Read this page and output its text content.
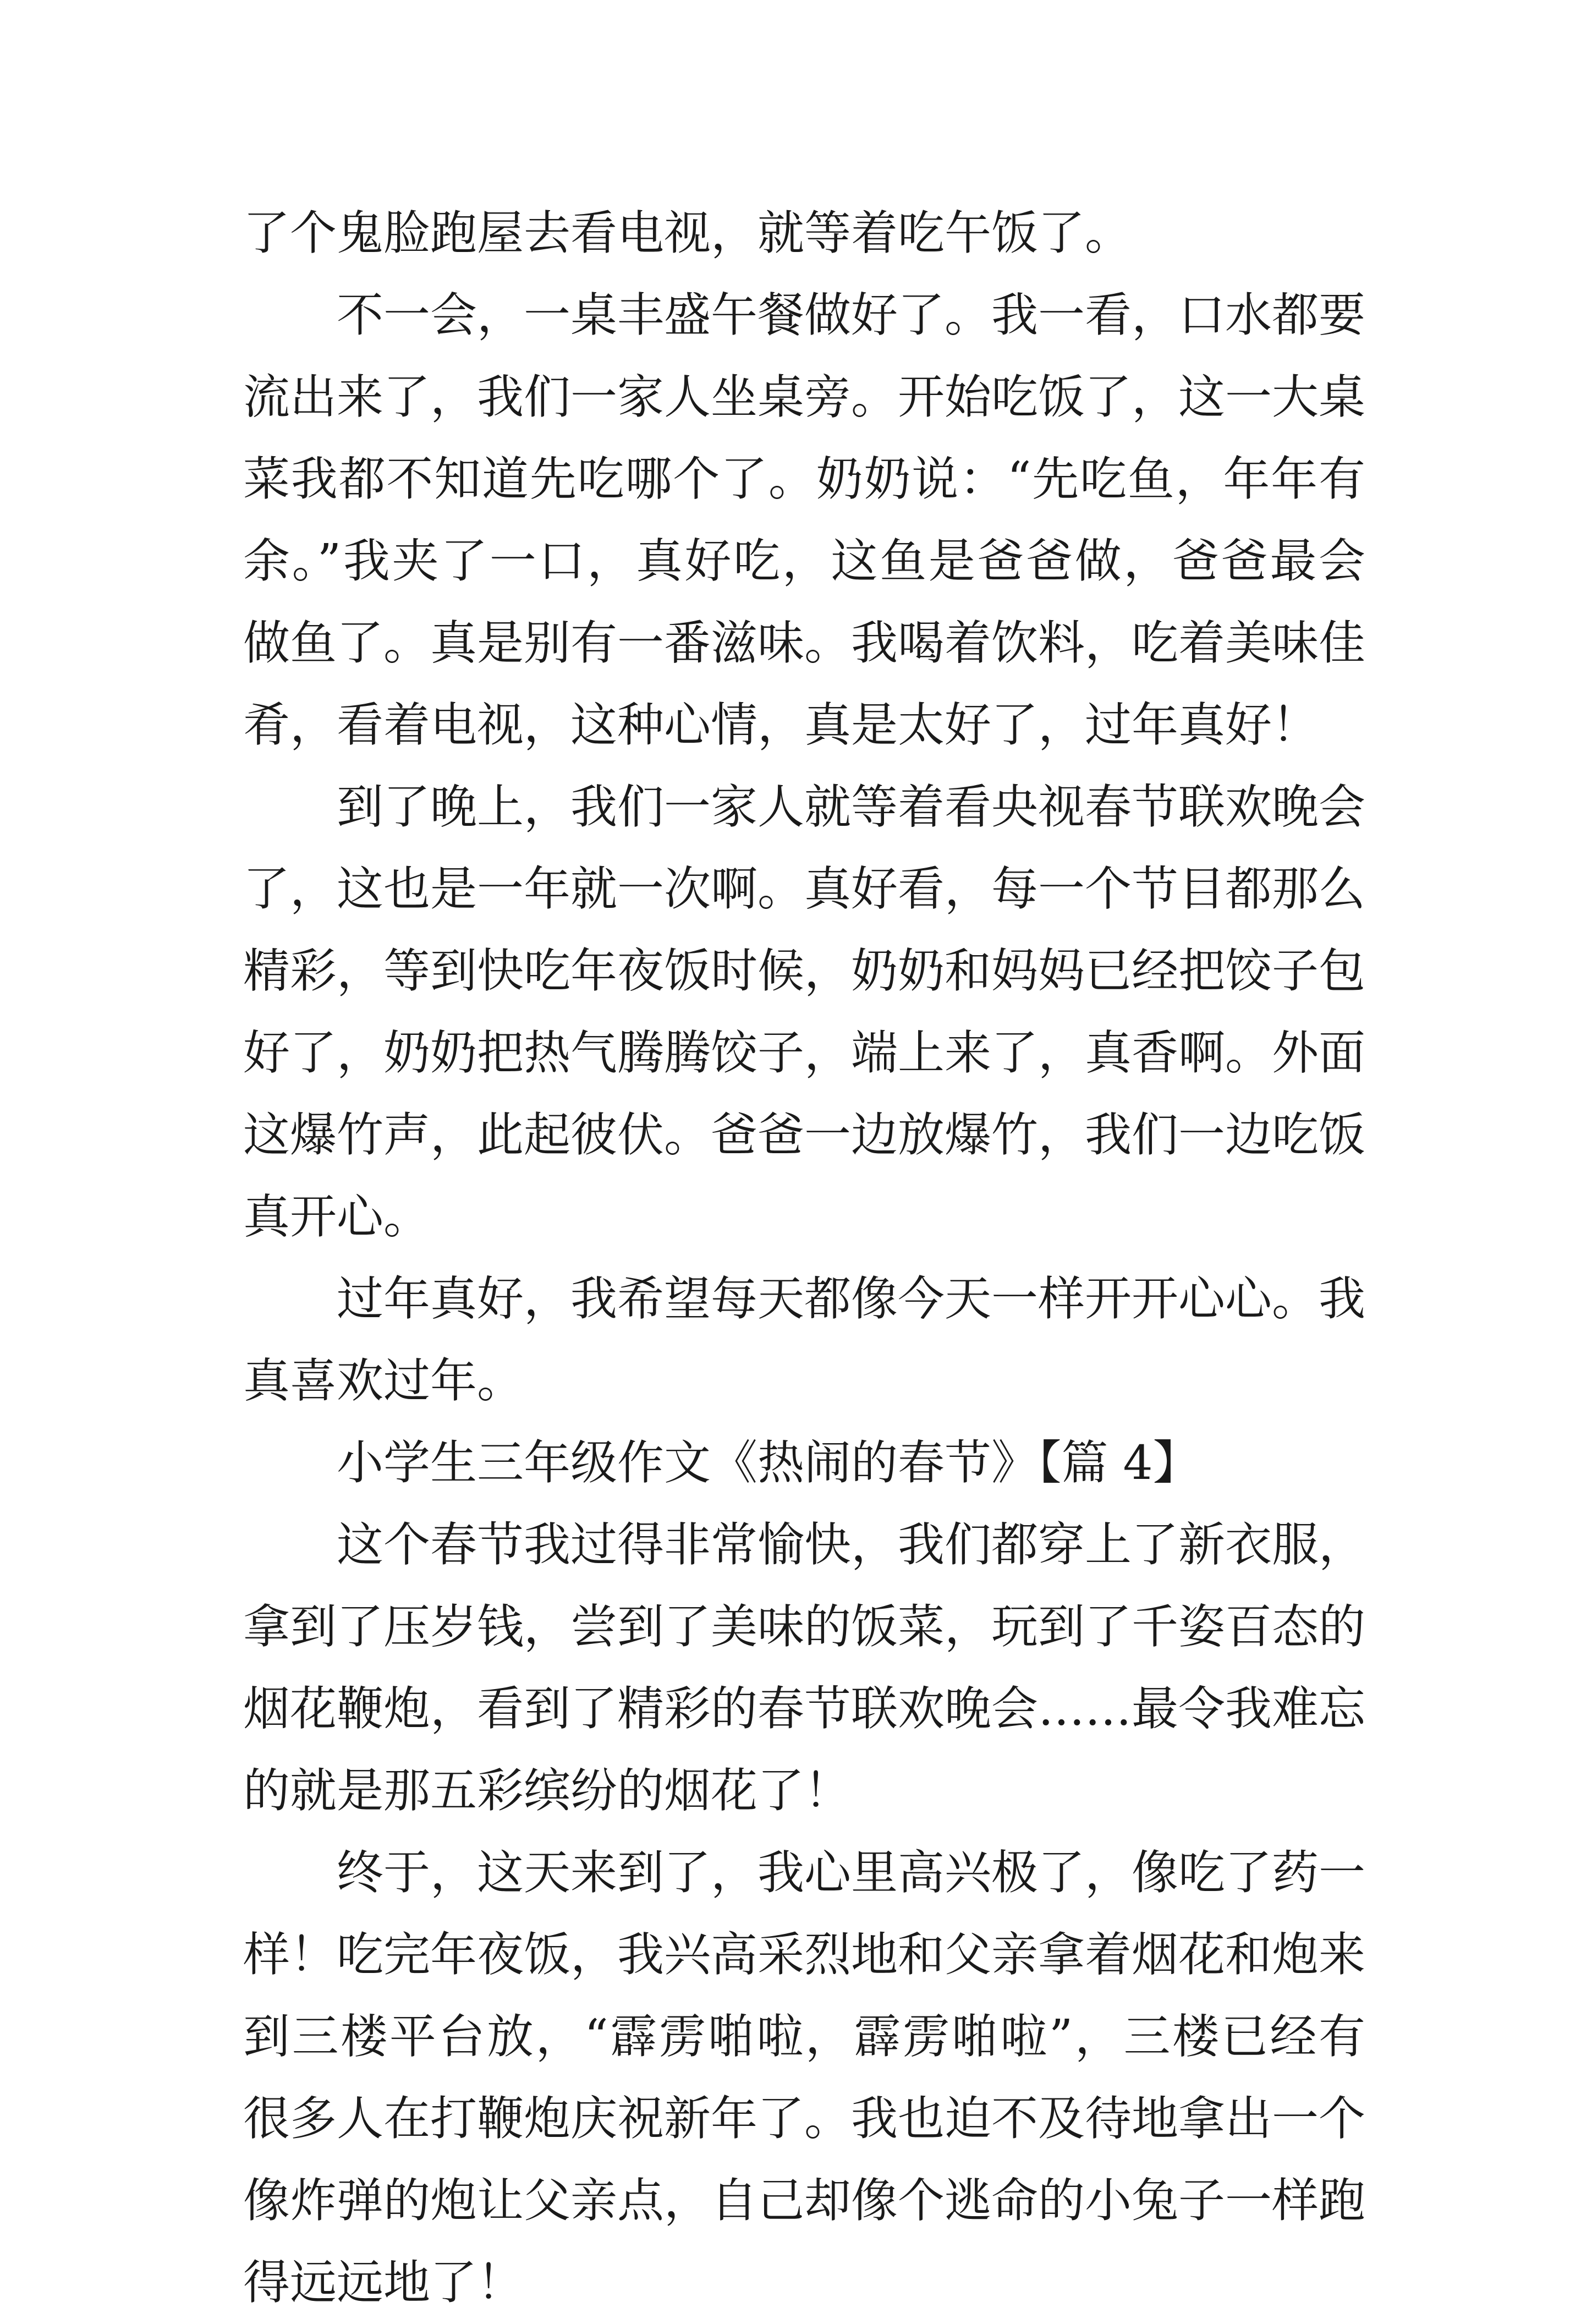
了个鬼脸跑屋去看电视，就等着吃午饭了。

不一会，一桌丰盛午餐做好了。我一看，口水都要流出来了，我们一家人坐桌旁。开始吃饭了，这一大桌菜我都不知道先吃哪个了。奶奶说：“先吃鱼，年年有余。”我夹了一口，真好吃，这鱼是爸爸做，爸爸最会做鱼了。真是别有一番滋味。我喝着饮料，吃着美味佳肴，看着电视，这种心情，真是太好了，过年真好！

到了晚上，我们一家人就等着看央视春节联欢晚会了，这也是一年就一次啊。真好看，每一个节目都那么精彩，等到快吃年夜饭时候，奶奶和妈妈已经把饺子包好了，奶奶把热气腾腾饺子，端上来了，真香啊。外面这爆竹声，此起彼伏。爸爸一边放爆竹，我们一边吃饭真开心。

过年真好，我希望每天都像今天一样开开心心。我真喜欢过年。

小学生三年级作文《热闹的春节》【篇 4】

这个春节我过得非常愉快，我们都穿上了新衣服，拿到了压岁钱，尝到了美味的饭菜，玩到了千姿百态的烟花鞭炮，看到了精彩的春节联欢晚会……最令我难忘的就是那五彩缤纷的烟花了！

终于，这天来到了，我心里高兴极了，像吃了药一样！吃完年夜饭，我兴高采烈地和父亲拿着烟花和炮来到三楼平台放，“霹雳啪啦，霹雳啪啦”，三楼已经有很多人在打鞭炮庆祝新年了。我也迫不及待地拿出一个像炸弹的炮让父亲点，自己却像个逃命的小兔子一样跑得远远地了！
